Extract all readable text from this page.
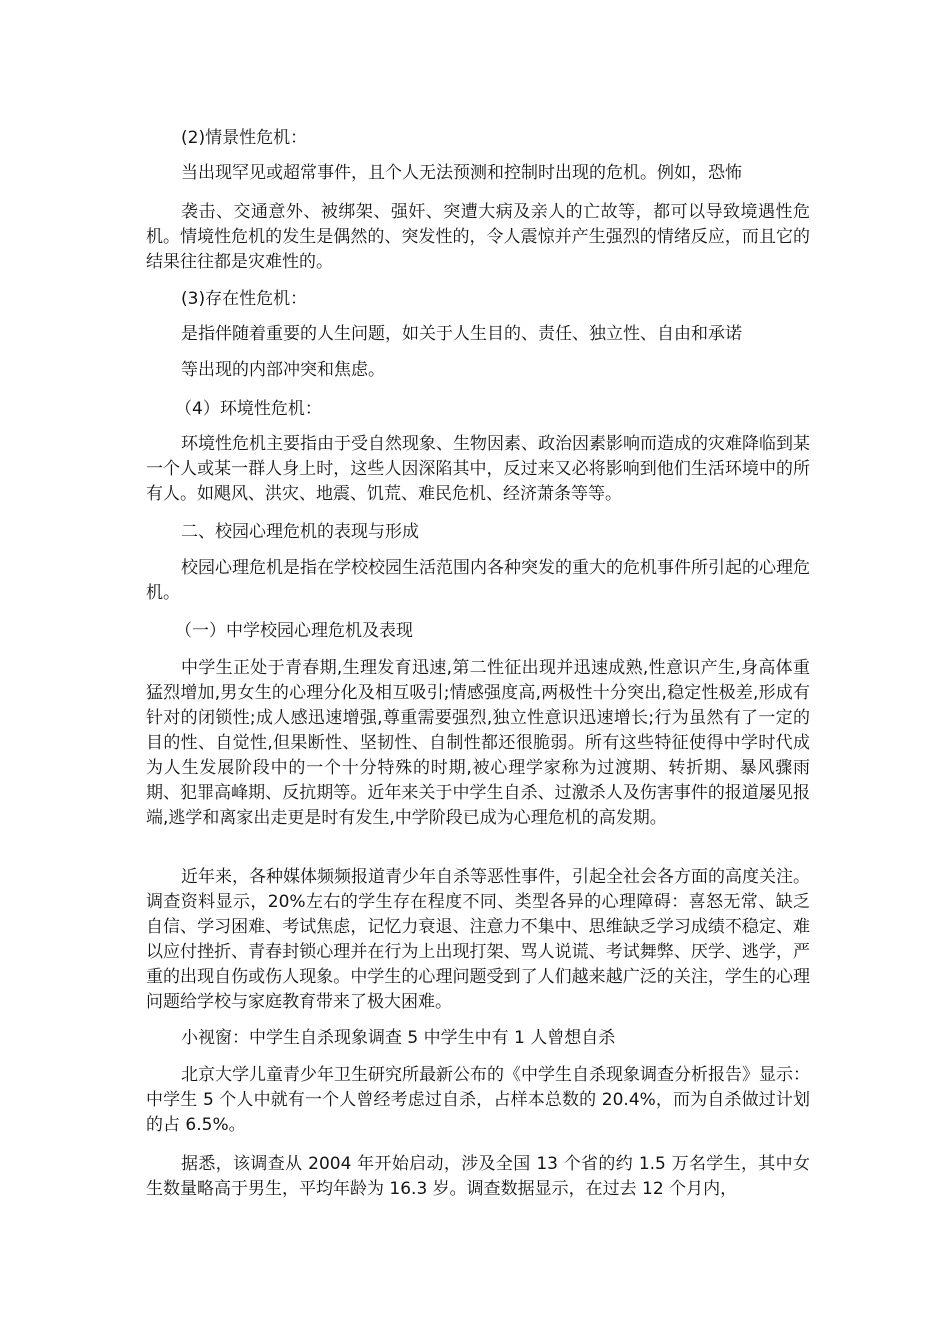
(2)情景性危机：

当出现罕见或超常事件，且个人无法预测和控制时出现的危机。例如，恐怖

袭击、交通意外、被绑架、强奸、突遭大病及亲人的亡故等，都可以导致境遇性危机。情境性危机的发生是偶然的、突发性的，令人震惊并产生强烈的情绪反应，而且它的结果往往都是灾难性的。

(3)存在性危机：

是指伴随着重要的人生问题，如关于人生目的、责任、独立性、自由和承诺

等出现的内部冲突和焦虑。

（4）环境性危机：

环境性危机主要指由于受自然现象、生物因素、政治因素影响而造成的灾难降临到某一个人或某一群人身上时，这些人因深陷其中，反过来又必将影响到他们生活环境中的所有人。如飓风、洪灾、地震、饥荒、难民危机、经济萧条等等。

二、校园心理危机的表现与形成

校园心理危机是指在学校校园生活范围内各种突发的重大的危机事件所引起的心理危机。

（一）中学校园心理危机及表现

中学生正处于青春期,生理发育迅速,第二性征出现并迅速成熟,性意识产生,身高体重猛烈增加,男女生的心理分化及相互吸引;情感强度高,两极性十分突出,稳定性极差,形成有针对的闭锁性;成人感迅速增强,尊重需要强烈,独立性意识迅速增长;行为虽然有了一定的目的性、自觉性,但果断性、坚韧性、自制性都还很脆弱。所有这些特征使得中学时代成为人生发展阶段中的一个十分特殊的时期,被心理学家称为过渡期、转折期、暴风骤雨期、犯罪高峰期、反抗期等。近年来关于中学生自杀、过激杀人及伤害事件的报道屡见报端,逃学和离家出走更是时有发生,中学阶段已成为心理危机的高发期。

近年来，各种媒体频频报道青少年自杀等恶性事件，引起全社会各方面的高度关注。调查资料显示，20%左右的学生存在程度不同、类型各异的心理障碍：喜怒无常、缺乏自信、学习困难、考试焦虑，记忆力衰退、注意力不集中、思维缺乏学习成绩不稳定、难以应付挫折、青春封锁心理并在行为上出现打架、骂人说谎、考试舞弊、厌学、逃学，严重的出现自伤或伤人现象。中学生的心理问题受到了人们越来越广泛的关注，学生的心理问题给学校与家庭教育带来了极大困难。

小视窗：中学生自杀现象调查 5 中学生中有 1 人曾想自杀

北京大学儿童青少年卫生研究所最新公布的《中学生自杀现象调查分析报告》显示：中学生 5 个人中就有一个人曾经考虑过自杀，占样本总数的 20.4%，而为自杀做过计划的占 6.5%。

据悉，该调查从 2004 年开始启动，涉及全国 13 个省的约 1.5 万名学生，其中女生数量略高于男生，平均年龄为 16.3 岁。调查数据显示，在过去 12 个月内，
